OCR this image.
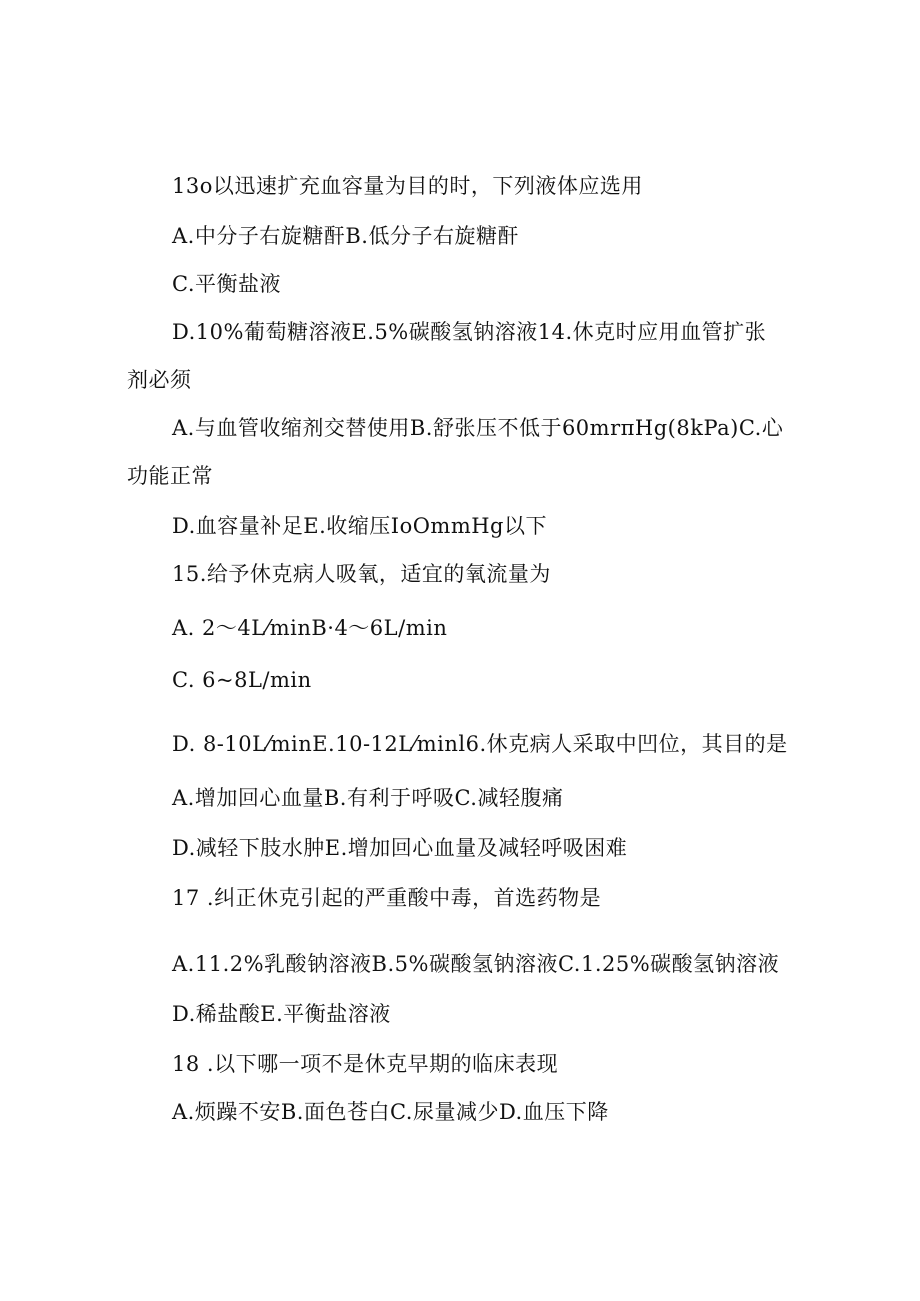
13o以迅速扩充血容量为目的时，下列液体应选用
A.中分子右旋糖酐B.低分子右旋糖酐
C.平衡盐液
D.10%葡萄糖溶液E.5%碳酸氢钠溶液14.休克时应用血管扩张
剂必须
A.与血管收缩剂交替使用B.舒张压不低于60mrπHg(8kPa)C.心
功能正常
D.血容量补足E.收缩压IoOmmHg以下
15.给予休克病人吸氧，适宜的氧流量为
A. 2～4L⁄minB·4～6L/min
C. 6~8L/min
D. 8-10L⁄minE.10-12L⁄minl6.休克病人采取中凹位，其目的是
A.增加回心血量B.有利于呼吸C.减轻腹痛
D.减轻下肢水肿E.增加回心血量及减轻呼吸困难
17 .纠正休克引起的严重酸中毒，首选药物是
A.11.2%乳酸钠溶液B.5%碳酸氢钠溶液C.1.25%碳酸氢钠溶液
D.稀盐酸E.平衡盐溶液
18 .以下哪一项不是休克早期的临床表现
A.烦躁不安B.面色苍白C.尿量减少D.血压下降
